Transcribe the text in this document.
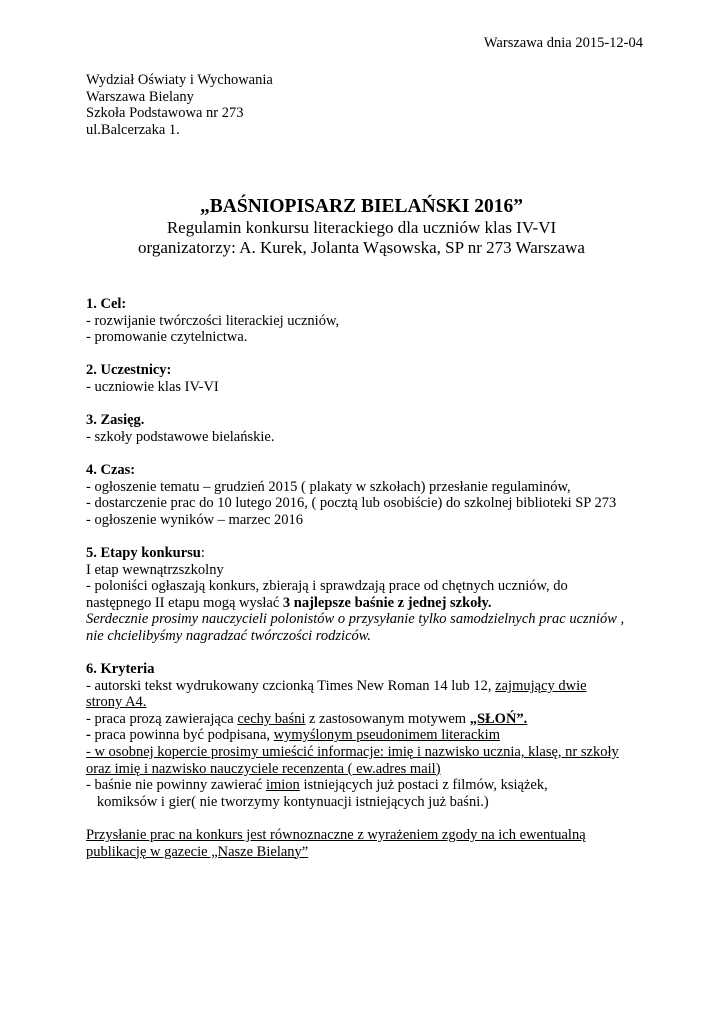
Warszawa dnia 2015-12-04
Wydział Oświaty i Wychowania
Warszawa Bielany
Szkoła Podstawowa nr 273
ul.Balcerzaka 1.
„BAŚNIOPISARZ BIELAŃSKI 2016”
Regulamin konkursu literackiego dla uczniów klas IV-VI
organizatorzy: A. Kurek, Jolanta Wąsowska, SP nr 273 Warszawa
1. Cel:
- rozwijanie twórczości literackiej uczniów,
- promowanie czytelnictwa.
2. Uczestnicy:
- uczniowie klas IV-VI
3. Zasięg.
- szkoły podstawowe bielańskie.
4. Czas:
- ogłoszenie tematu – grudzień 2015 ( plakaty w szkołach) przesłanie regulaminów,
- dostarczenie prac do 10 lutego 2016, ( pocztą lub osobiście) do szkolnej biblioteki SP 273
- ogłoszenie wyników – marzec 2016
5. Etapy konkursu:
I etap wewnątrzszkolny
- poloniści ogłaszają konkurs, zbierają i sprawdzają prace od chętnych uczniów, do
następnego II etapu mogą wysłać 3 najlepsze baśnie z jednej szkoły.
Serdecznie prosimy nauczycieli polonistów o przysyłanie tylko samodzielnych prac uczniów ,
nie chcielibyśmy nagradzać twórczości rodziców.
6. Kryteria
- autorski tekst wydrukowany czcionką Times New Roman 14 lub 12, zajmujący dwie
strony A4.
- praca prozą zawierająca cechy baśni z zastosowanym motywem „SŁOŃ”.
- praca powinna być podpisana, wymyślonym pseudonimem literackim
- w osobnej kopercie prosimy umieścić informacje: imię i nazwisko ucznia, klasę, nr szkoły
oraz imię i nazwisko nauczyciele recenzenta ( ew.adres mail)
- baśnie nie powinny zawierać imion istniejących już postaci z filmów, książek,
komiksów i gier( nie tworzymy kontynuacji istniejących już baśni.)
Przysłanie prac na konkurs jest równoznaczne z wyrażeniem zgody na ich ewentualną
publikację w gazecie „Nasze Bielany”
